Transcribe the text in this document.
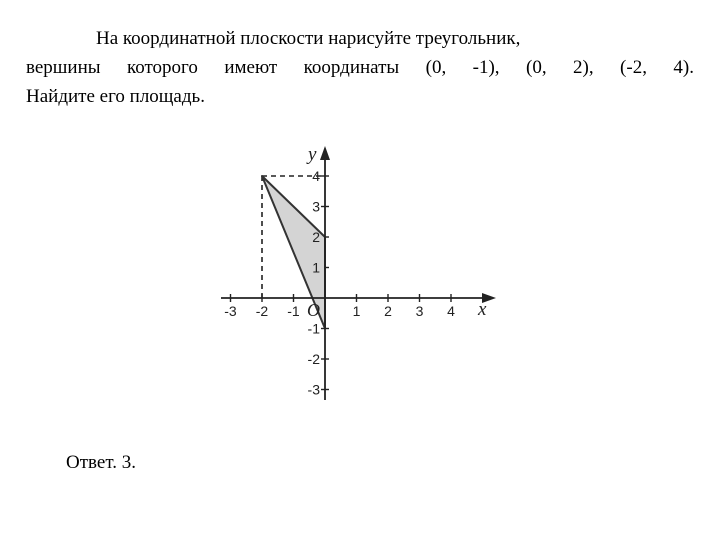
На координатной плоскости нарисуйте треугольник,
вершины которого имеют координаты (0, -1), (0, 2), (-2, 4).
Найдите его площадь.
x
y
O
-3 -2 -1	1 2 3 4
4
3
2
1
-1
-2
-3
Ответ. 3.
